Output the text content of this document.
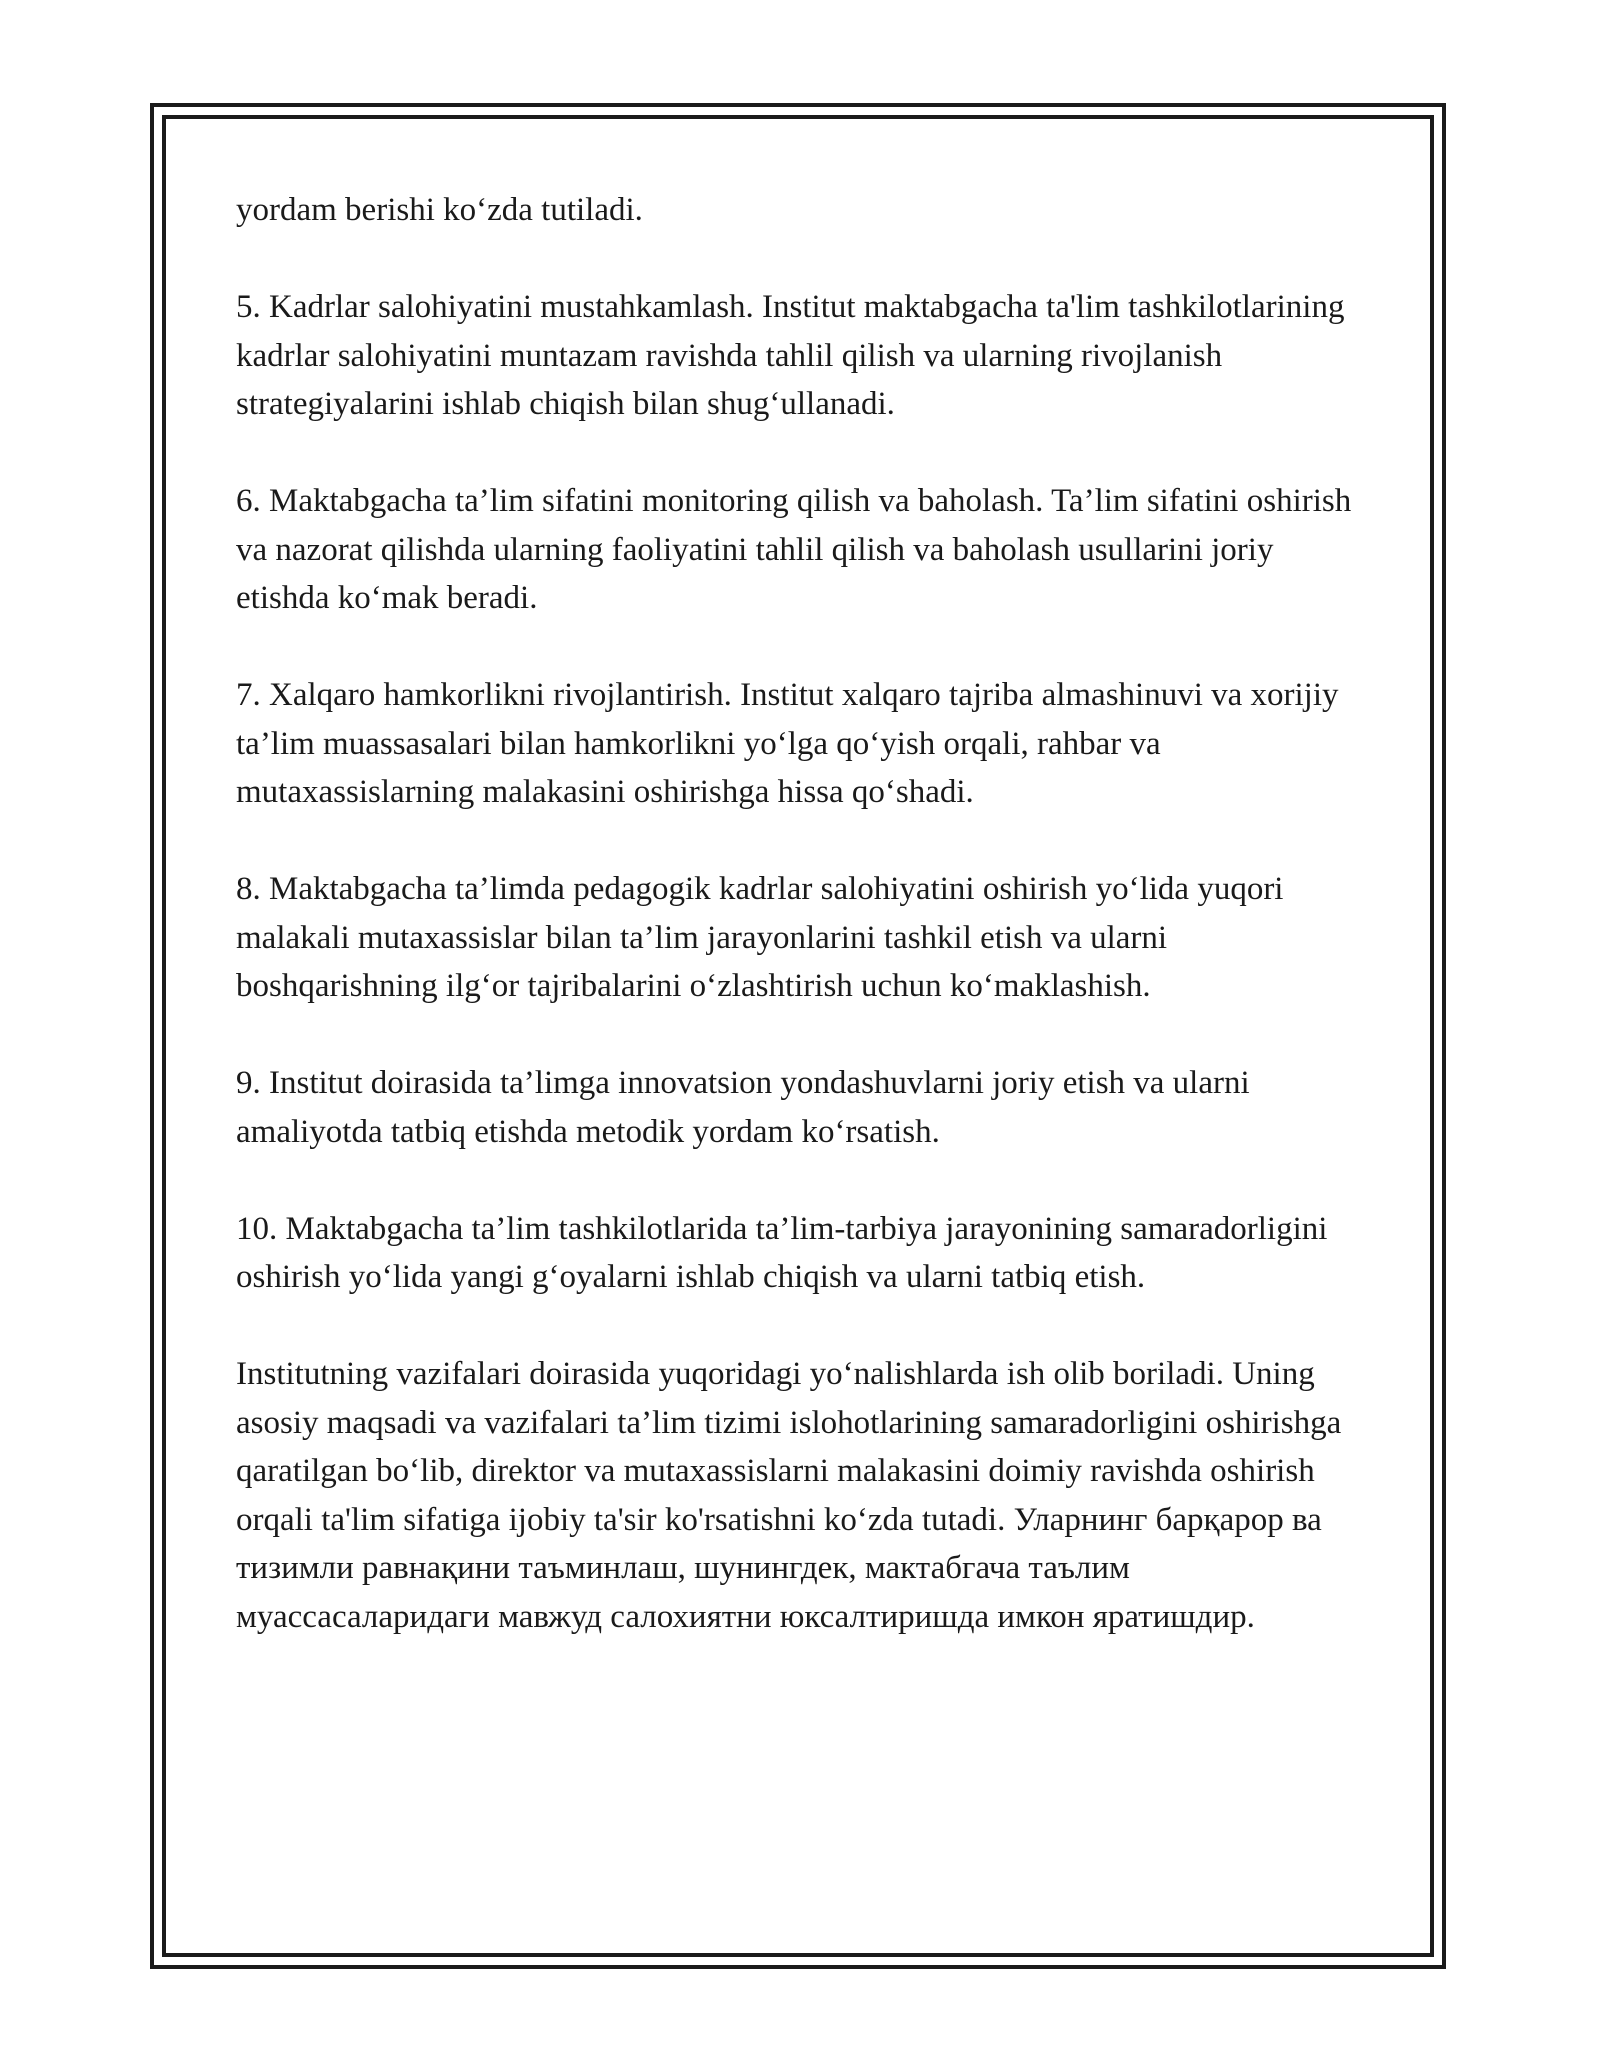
yordam berishi ko‘zda tutiladi.

5. Kadrlar salohiyatini mustahkamlash. Institut maktabgacha ta'lim tashkilotlarining kadrlar salohiyatini muntazam ravishda tahlil qilish va ularning rivojlanish strategiyalarini ishlab chiqish bilan shug‘ullanadi.

6. Maktabgacha ta’lim sifatini monitoring qilish va baholash. Ta’lim sifatini oshirish va nazorat qilishda ularning faoliyatini tahlil qilish va baholash usullarini joriy etishda ko‘mak beradi.

7. Xalqaro hamkorlikni rivojlantirish. Institut xalqaro tajriba almashinuvi va xorijiy ta’lim muassasalari bilan hamkorlikni yo‘lga qo‘yish orqali, rahbar va mutaxassislarning malakasini oshirishga hissa qo‘shadi.

8. Maktabgacha ta’limda pedagogik kadrlar salohiyatini oshirish yo‘lida yuqori malakali mutaxassislar bilan ta’lim jarayonlarini tashkil etish va ularni boshqarishning ilg‘or tajribalarini o‘zlashtirish uchun ko‘maklashish.

9. Institut doirasida ta’limga innovatsion yondashuvlarni joriy etish va ularni amaliyotda tatbiq etishda metodik yordam ko‘rsatish.

10. Maktabgacha ta’lim tashkilotlarida ta’lim-tarbiya jarayonining samaradorligini oshirish yo‘lida yangi g‘oyalarni ishlab chiqish va ularni tatbiq etish.

Institutning vazifalari doirasida yuqoridagi yo‘nalishlarda ish olib boriladi. Uning asosiy maqsadi va vazifalari ta’lim tizimi islohotlarining samaradorligini oshirishga qaratilgan bo‘lib, direktor va mutaxassislarni malakasini doimiy ravishda oshirish orqali ta'lim sifatiga ijobiy ta'sir ko'rsatishni ko‘zda tutadi. Уларнинг барқарор ва тизимли равнақини таъминлаш, шунингдек, мактабгача таълим муассасаларидаги мавжуд салохиятни юксалтиришда имкон яратишдир.
